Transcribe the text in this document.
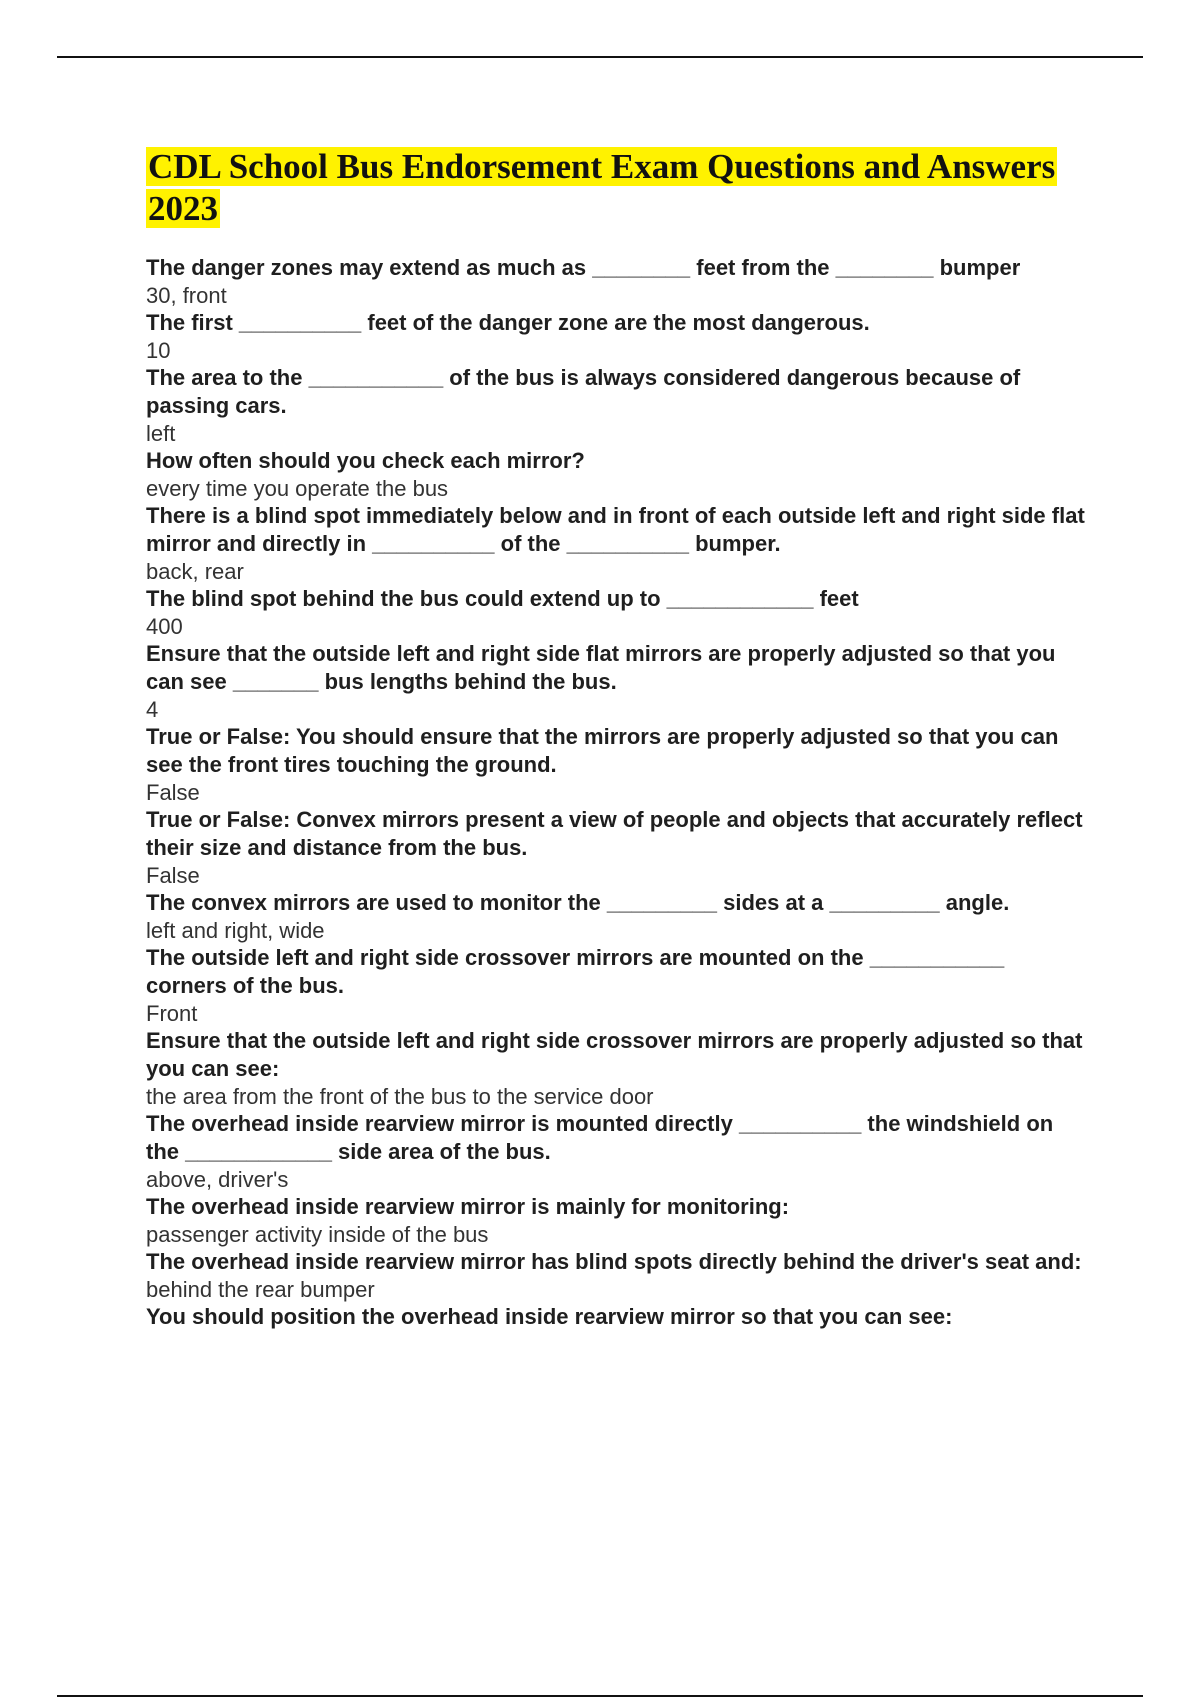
CDL School Bus Endorsement Exam Questions and Answers 2023

The danger zones may extend as much as ________ feet from the ________ bumper

30, front

The first __________ feet of the danger zone are the most dangerous.

10

The area to the ___________ of the bus is always considered dangerous because of passing cars.

left

How often should you check each mirror?

every time you operate the bus

There is a blind spot immediately below and in front of each outside left and right side flat mirror and directly in __________ of the __________ bumper.

back, rear

The blind spot behind the bus could extend up to ____________ feet

400

Ensure that the outside left and right side flat mirrors are properly adjusted so that you can see _______ bus lengths behind the bus.

4

True or False: You should ensure that the mirrors are properly adjusted so that you can see the front tires touching the ground.

False

True or False: Convex mirrors present a view of people and objects that accurately reflect their size and distance from the bus.

False

The convex mirrors are used to monitor the _________ sides at a _________ angle.

left and right, wide

The outside left and right side crossover mirrors are mounted on the ___________ corners of the bus.

Front

Ensure that the outside left and right side crossover mirrors are properly adjusted so that you can see:

the area from the front of the bus to the service door

The overhead inside rearview mirror is mounted directly __________ the windshield on the ____________ side area of the bus.

above, driver's

The overhead inside rearview mirror is mainly for monitoring:

passenger activity inside of the bus

The overhead inside rearview mirror has blind spots directly behind the driver's seat and:

behind the rear bumper

You should position the overhead inside rearview mirror so that you can see:
